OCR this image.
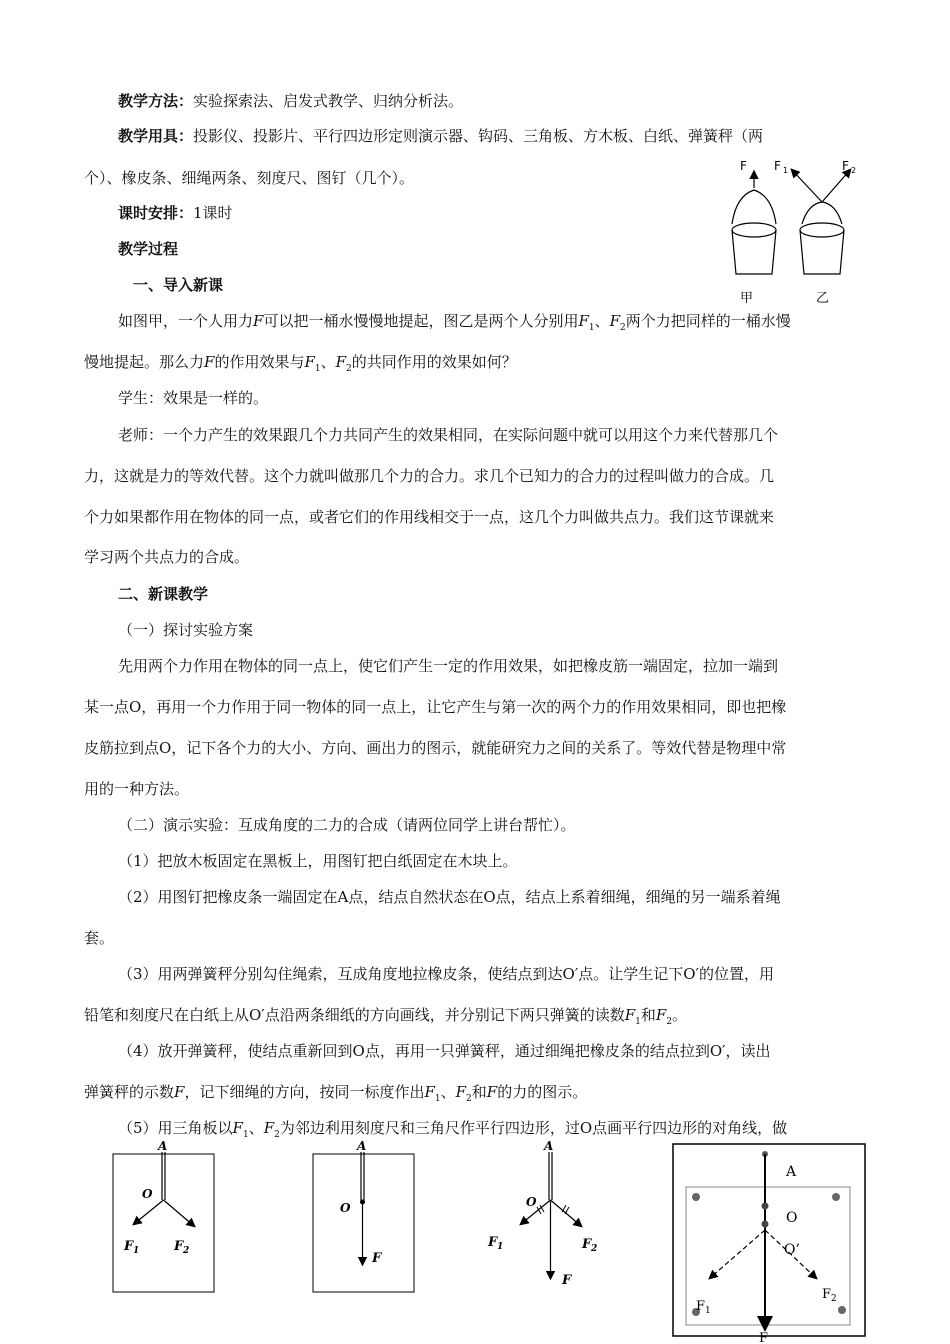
教学方法：实验探索法、启发式教学、归纳分析法。
教学用具：投影仪、投影片、平行四边形定则演示器、钩码、三角板、方木板、白纸、弹簧秤（两
个）、橡皮条、细绳两条、刻度尺、图钉（几个）。
课时安排：1课时
教学过程
一、导入新课
如图甲，一个人用力F可以把一桶水慢慢地提起，图乙是两个人分别用$F_1$、$F_2$两个力把同样的一桶水慢
慢地提起。那么力F的作用效果与$F_1$、$F_2$的共同作用的效果如何？
学生：效果是一样的。
老师：一个力产生的效果跟几个力共同产生的效果相同，在实际问题中就可以用这个力来代替那几个
力，这就是力的等效代替。这个力就叫做那几个力的合力。求几个已知力的合力的过程叫做力的合成。几
个力如果都作用在物体的同一点，或者它们的作用线相交于一点，这几个力叫做共点力。我们这节课就来
学习两个共点力的合成。
二、新课教学
（一）探讨实验方案
先用两个力作用在物体的同一点上，使它们产生一定的作用效果，如把橡皮筋一端固定，拉加一端到
某一点O，再用一个力作用于同一物体的同一点上，让它产生与第一次的两个力的作用效果相同，即也把橡
皮筋拉到点O，记下各个力的大小、方向、画出力的图示，就能研究力之间的关系了。等效代替是物理中常
用的一种方法。
（二）演示实验：互成角度的二力的合成（请两位同学上讲台帮忙）。
（1）把放木板固定在黑板上，用图钉把白纸固定在木块上。
（2）用图钉把橡皮条一端固定在A点，结点自然状态在O点，结点上系着细绳，细绳的另一端系着绳
套。
（3）用两弹簧秤分别勾住绳索，互成角度地拉橡皮条，使结点到达O′点。让学生记下O′的位置，用
铅笔和刻度尺在白纸上从O′点沿两条细纸的方向画线，并分别记下两只弹簧的读数$F_1$和$F_2$。
（4）放开弹簧秤，使结点重新回到O点，再用一只弹簧秤，通过细绳把橡皮条的结点拉到O′，读出
弹簧秤的示数F，记下细绳的方向，按同一标度作出$F_1$、$F_2$和F的力的图示。
（5）用三角板以$F_1$、$F_2$为邻边利用刻度尺和三角尺作平行四边形，过O点画平行四边形的对角线，做
F F 1	F 2
甲	乙
A
O
F 1	F 2
A
O
F
A
O
F 1	F 2
F
A
O
O’
F 1
F 2
F
